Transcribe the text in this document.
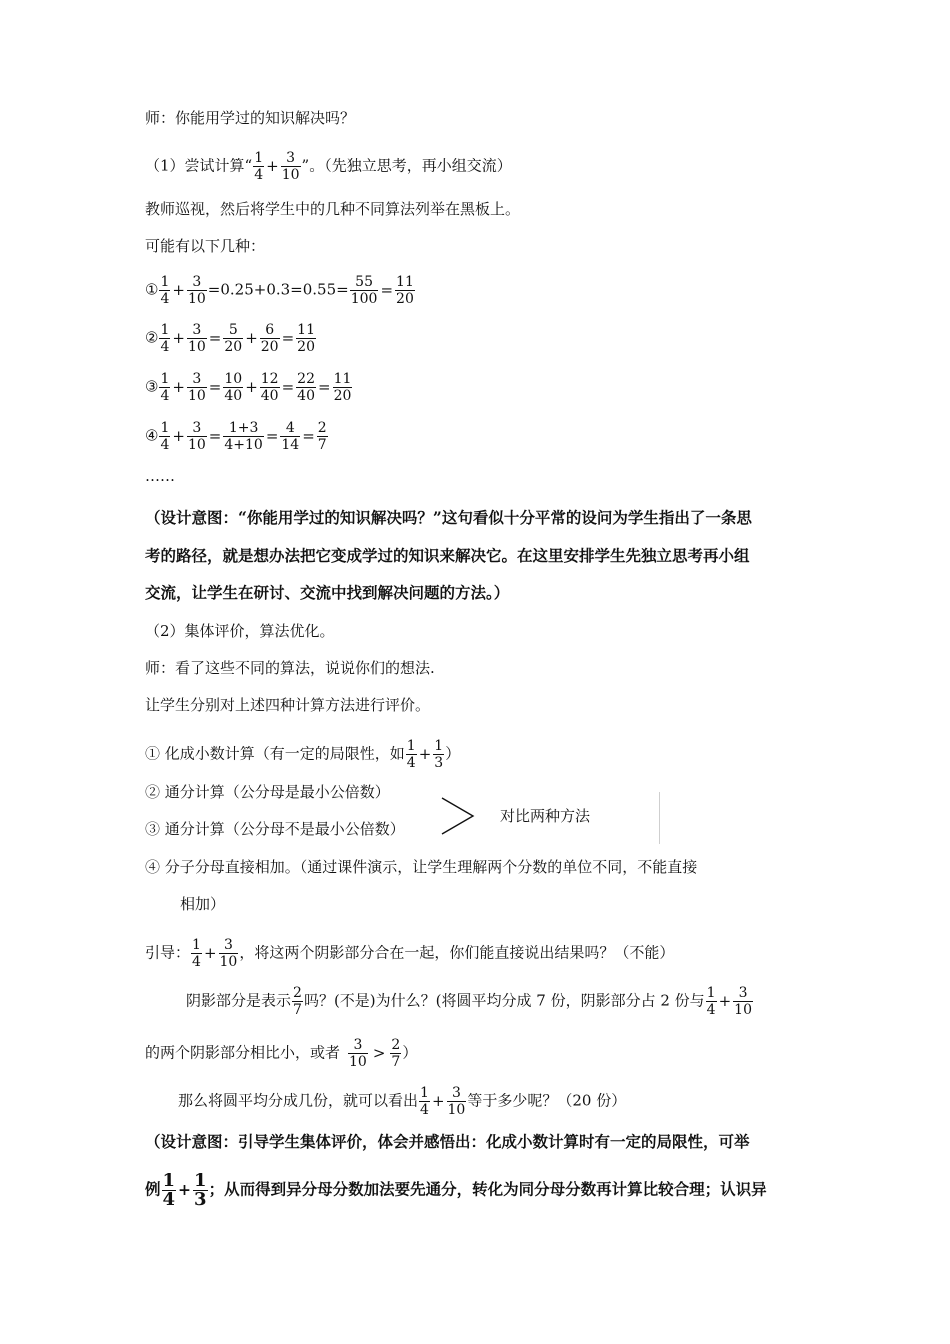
师：你能用学过的知识解决吗？
（1）尝试计算“ $\frac{1}{4} + \frac{3}{10}$ ”。（先独立思考，再小组交流）
教师巡视，然后将学生中的几种不同算法列举在黑板上。
可能有以下几种：
① $\frac{1}{4} + \frac{3}{10} =0.25+0.3=0.55= \frac{55}{100} = \frac{11}{20}$
② $\frac{1}{4} + \frac{3}{10} = \frac{5}{20} + \frac{6}{20} = \frac{11}{20}$
③ $\frac{1}{4} + \frac{3}{10} = \frac{10}{40} + \frac{12}{40} = \frac{22}{40} = \frac{11}{20}$
④ $\frac{1}{4} + \frac{3}{10} = \frac{1+3}{4+10} = \frac{4}{14} = \frac{2}{7}$
……
（设计意图：“你能用学过的知识解决吗？”这句看似十分平常的设问为学生指出了一条思
考的路径，就是想办法把它变成学过的知识来解决它。在这里安排学生先独立思考再小组
交流，让学生在研讨、交流中找到解决问题的方法。）
（2）集体评价，算法优化。
师：看了这些不同的算法，说说你们的想法.
让学生分别对上述四种计算方法进行评价。
① 化成小数计算（有一定的局限性，如 $\frac{1}{4} + \frac{1}{3}$ ）
② 通分计算（公分母是最小公倍数）
③ 通分计算（公分母不是最小公倍数）
对比两种方法
④ 分子分母直接相加。（通过课件演示，让学生理解两个分数的单位不同，不能直接
相加）
引导： $\frac{1}{4} + \frac{3}{10}$ ，将这两个阴影部分合在一起，你们能直接说出结果吗？（不能）
阴影部分是表示 $\frac{2}{7}$ 吗？(不是)为什么？(将圆平均分成 7 份，阴影部分占 2 份与 $\frac{1}{4} + \frac{3}{10}$
的两个阴影部分相比小，或者 $\frac{3}{10} > \frac{2}{7}$ ）
那么将圆平均分成几份，就可以看出 $\frac{1}{4} + \frac{3}{10}$ 等于多少呢？（20 份）
（设计意图：引导学生集体评价，体会并感悟出：化成小数计算时有一定的局限性，可举
例 $\frac{1}{4} + \frac{1}{3}$ ；从而得到异分母分数加法要先通分，转化为同分母分数再计算比较合理；认识异
